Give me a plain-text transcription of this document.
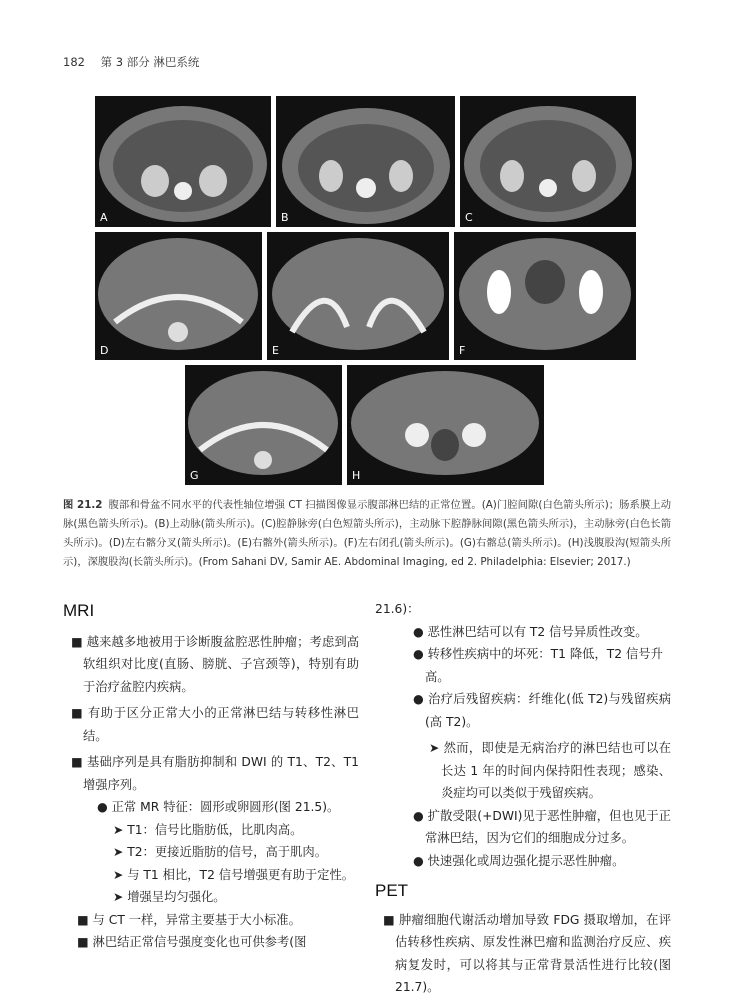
182 第 3 部分 淋巴系统
A	B	C
D	E	F
G	H
图 21.2 腹部和骨盆不同水平的代表性轴位增强 CT 扫描图像显示腹部淋巴结的正常位置。(A)门腔间隙(白色箭头所示)；肠系膜上动脉(黑色箭头所示)。(B)上动脉(箭头所示)。(C)腔静脉旁(白色短箭头所示)，主动脉下腔静脉间隙(黑色箭头所示)，主动脉旁(白色长箭头所示)。(D)左右髂分叉(箭头所示)。(E)右髂外(箭头所示)。(F)左右闭孔(箭头所示)。(G)右髂总(箭头所示)。(H)浅腹股沟(短箭头所示)，深腹股沟(长箭头所示)。(From Sahani DV, Samir AE. Abdominal Imaging, ed 2. Philadelphia: Elsevier; 2017.)
MRI
■ 越来越多地被用于诊断腹盆腔恶性肿瘤；考虑到高软组织对比度(直肠、膀胱、子宫颈等)，特别有助于治疗盆腔内疾病。
■ 有助于区分正常大小的正常淋巴结与转移性淋巴结。
■ 基础序列是具有脂肪抑制和 DWI 的 T1、T2、T1 增强序列。
● 正常 MR 特征：圆形或卵圆形(图 21.5)。
➤ T1：信号比脂肪低，比肌肉高。
➤ T2：更接近脂肪的信号，高于肌肉。
➤ 与 T1 相比，T2 信号增强更有助于定性。
➤ 增强呈均匀强化。
■ 与 CT 一样，异常主要基于大小标准。
■ 淋巴结正常信号强度变化也可供参考(图
21.6)：
● 恶性淋巴结可以有 T2 信号异质性改变。
● 转移性疾病中的坏死：T1 降低，T2 信号升高。
● 治疗后残留疾病：纤维化(低 T2)与残留疾病(高 T2)。
➤ 然而，即使是无病治疗的淋巴结也可以在长达 1 年的时间内保持阳性表现；感染、炎症均可以类似于残留疾病。
● 扩散受限(+DWI)见于恶性肿瘤，但也见于正常淋巴结，因为它们的细胞成分过多。
● 快速强化或周边强化提示恶性肿瘤。
PET
■ 肿瘤细胞代谢活动增加导致 FDG 摄取增加，在评估转移性疾病、原发性淋巴瘤和监测治疗反应、疾病复发时，可以将其与正常背景活性进行比较(图 21.7)。
